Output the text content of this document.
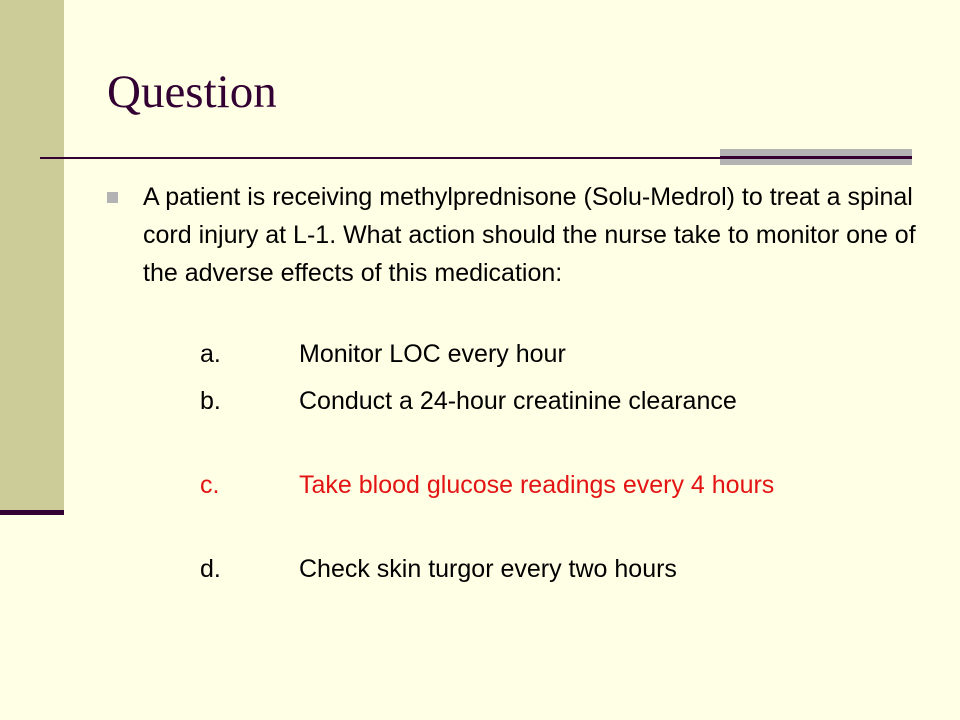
Question

A patient is receiving methylprednisone (Solu-Medrol) to treat a spinal cord injury at L-1. What action should the nurse take to monitor one of the adverse effects of this medication:

a.	Monitor LOC every hour
b.	Conduct a 24-hour creatinine clearance
c.	Take blood glucose readings every 4 hours
d.	Check skin turgor every two hours
